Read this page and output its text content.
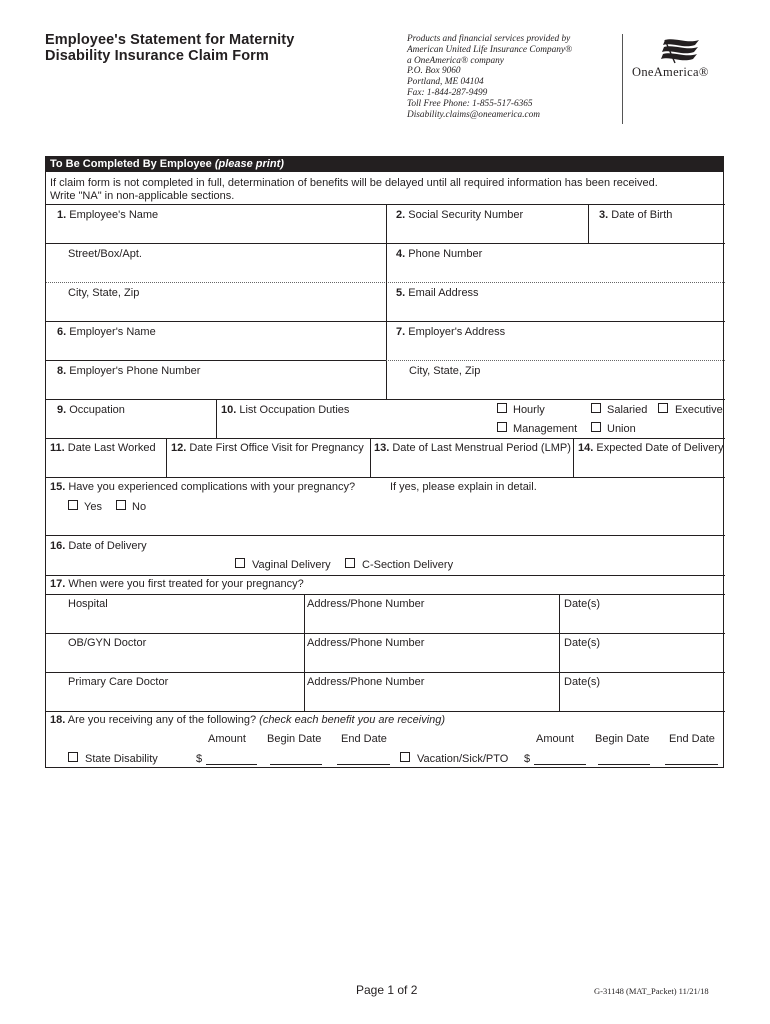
Employee's Statement for Maternity
Disability Insurance Claim Form
Products and financial services provided by
American United Life Insurance Company®
a OneAmerica® company
P.O. Box 9060
Portland, ME 04104
Fax: 1-844-287-9499
Toll Free Phone: 1-855-517-6365
Disability.claims@oneamerica.com
OneAmerica®
To Be Completed By Employee (please print)
If claim form is not completed in full, determination of benefits will be delayed until all required information has been received.
Write "NA" in non-applicable sections.
1. Employee's Name	2. Social Security Number	3. Date of Birth
Street/Box/Apt.	4. Phone Number
City, State, Zip	5. Email Address
6. Employer's Name	7. Employer's Address
8. Employer's Phone Number	City, State, Zip
9. Occupation	10. List Occupation Duties	Hourly	Salaried	Executive
Management	Union
11. Date Last Worked 12. Date First Office Visit for Pregnancy 13. Date of Last Menstrual Period (LMP) 14. Expected Date of Delivery
15. Have you experienced complications with your pregnancy?	If yes, please explain in detail.
Yes	No
16. Date of Delivery
Vaginal Delivery	C-Section Delivery
17. When were you first treated for your pregnancy?
Hospital	Address/Phone Number	Date(s)
OB/GYN Doctor	Address/Phone Number	Date(s)
Primary Care Doctor	Address/Phone Number	Date(s)
18. Are you receiving any of the following? (check each benefit you are receiving)
Amount Begin Date End Date	Amount Begin Date End Date
State Disability	$	Vacation/Sick/PTO $
Page 1 of 2	G-31148 (MAT_Packet) 11/21/18
